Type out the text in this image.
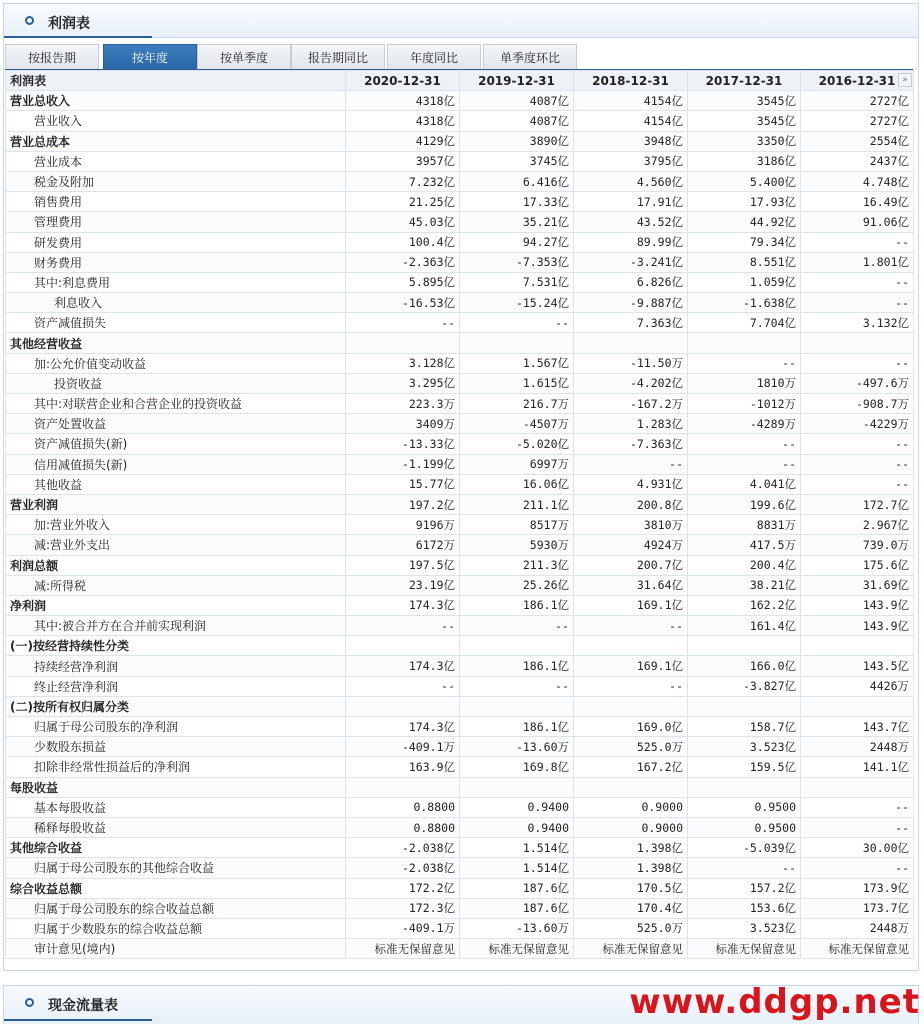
利润表
按报告期	按年度	按单季度	报告期同比	年度同比	单季度环比
利润表	2020-12-31	2019-12-31	2018-12-31	2017-12-31	2016-12-31
营业总收入	4318亿	4087亿	4154亿	3545亿	2727亿
营业收入	4318亿	4087亿	4154亿	3545亿	2727亿
营业总成本	4129亿	3890亿	3948亿	3350亿	2554亿
营业成本	3957亿	3745亿	3795亿	3186亿	2437亿
税金及附加	7.232亿	6.416亿	4.560亿	5.400亿	4.748亿
销售费用	21.25亿	17.33亿	17.91亿	17.93亿	16.49亿
管理费用	45.03亿	35.21亿	43.52亿	44.92亿	91.06亿
研发费用	100.4亿	94.27亿	89.99亿	79.34亿	--
财务费用	-2.363亿	-7.353亿	-3.241亿	8.551亿	1.801亿
其中:利息费用	5.895亿	7.531亿	6.826亿	1.059亿	--
利息收入	-16.53亿	-15.24亿	-9.887亿	-1.638亿	--
资产减值损失	--	--	7.363亿	7.704亿	3.132亿
其他经营收益					
加:公允价值变动收益	3.128亿	1.567亿	-11.50万	--	--
投资收益	3.295亿	1.615亿	-4.202亿	1810万	-497.6万
其中:对联营企业和合营企业的投资收益	223.3万	216.7万	-167.2万	-1012万	-908.7万
资产处置收益	3409万	-4507万	1.283亿	-4289万	-4229万
资产减值损失(新)	-13.33亿	-5.020亿	-7.363亿	--	--
信用减值损失(新)	-1.199亿	6997万	--	--	--
其他收益	15.77亿	16.06亿	4.931亿	4.041亿	--
营业利润	197.2亿	211.1亿	200.8亿	199.6亿	172.7亿
加:营业外收入	9196万	8517万	3810万	8831万	2.967亿
减:营业外支出	6172万	5930万	4924万	417.5万	739.0万
利润总额	197.5亿	211.3亿	200.7亿	200.4亿	175.6亿
减:所得税	23.19亿	25.26亿	31.64亿	38.21亿	31.69亿
净利润	174.3亿	186.1亿	169.1亿	162.2亿	143.9亿
其中:被合并方在合并前实现利润	--	--	--	161.4亿	143.9亿
(一)按经营持续性分类					
持续经营净利润	174.3亿	186.1亿	169.1亿	166.0亿	143.5亿
终止经营净利润	--	--	--	-3.827亿	4426万
(二)按所有权归属分类					
归属于母公司股东的净利润	174.3亿	186.1亿	169.0亿	158.7亿	143.7亿
少数股东损益	-409.1万	-13.60万	525.0万	3.523亿	2448万
扣除非经常性损益后的净利润	163.9亿	169.8亿	167.2亿	159.5亿	141.1亿
每股收益					
基本每股收益	0.8800	0.9400	0.9000	0.9500	--
稀释每股收益	0.8800	0.9400	0.9000	0.9500	--
其他综合收益	-2.038亿	1.514亿	1.398亿	-5.039亿	30.00亿
归属于母公司股东的其他综合收益	-2.038亿	1.514亿	1.398亿	--	--
综合收益总额	172.2亿	187.6亿	170.5亿	157.2亿	173.9亿
归属于母公司股东的综合收益总额	172.3亿	187.6亿	170.4亿	153.6亿	173.7亿
归属于少数股东的综合收益总额	-409.1万	-13.60万	525.0万	3.523亿	2448万
审计意见(境内)	标准无保留意见	标准无保留意见	标准无保留意见	标准无保留意见	标准无保留意见
»
现金流量表	www.ddgp.net
